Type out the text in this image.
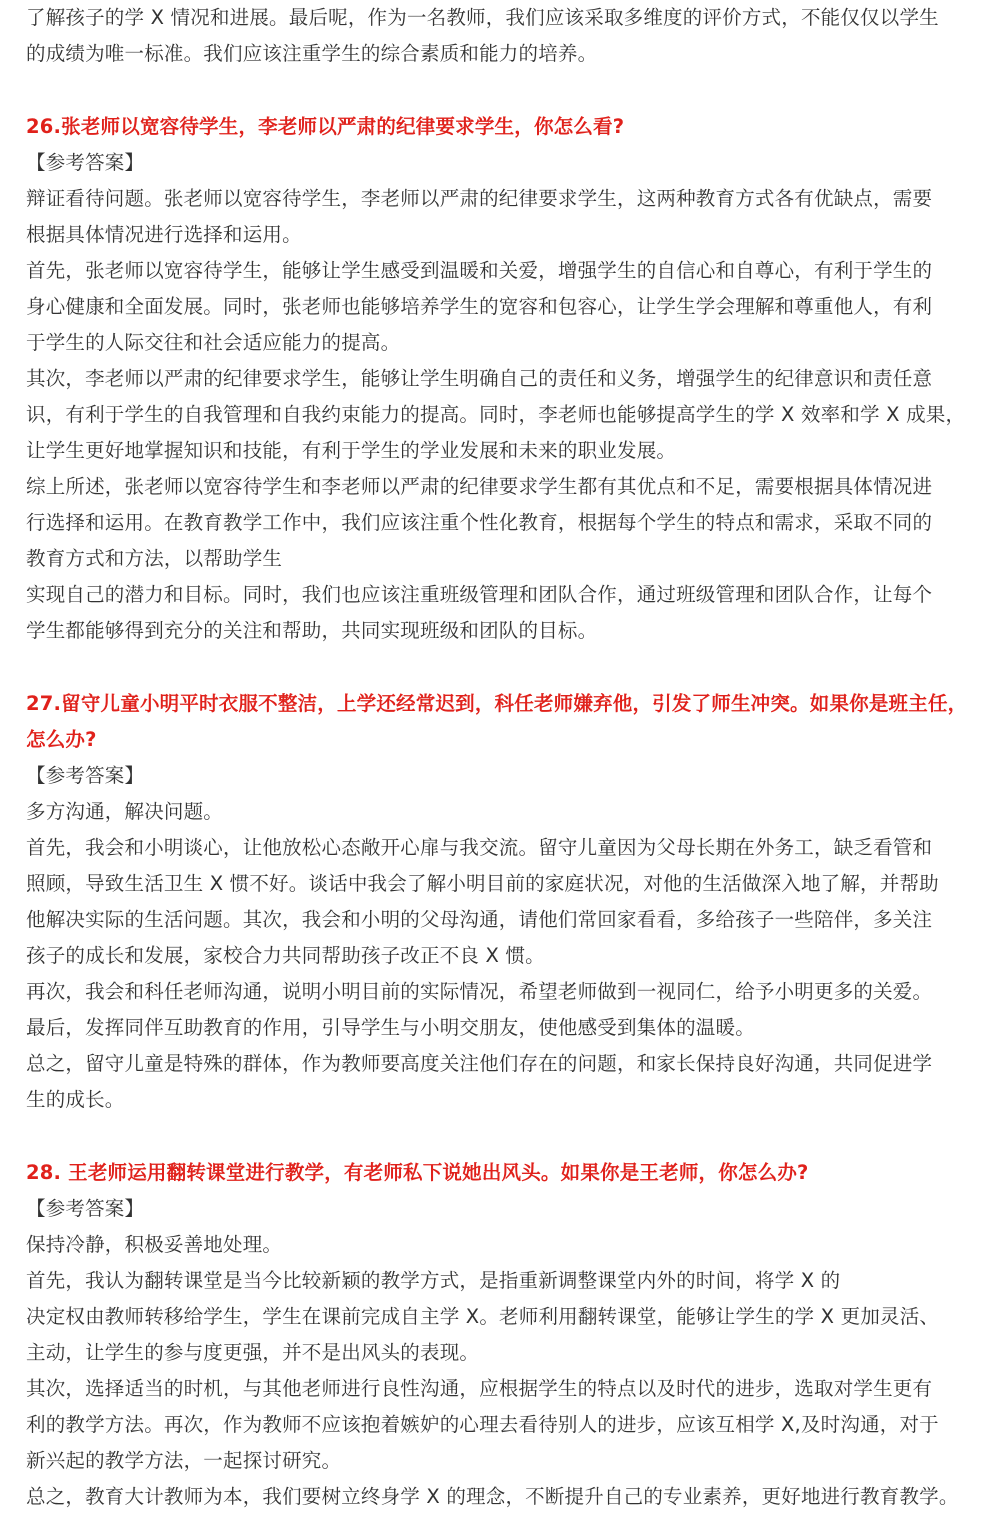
了解孩子的学 X 情况和进展。最后呢，作为一名教师，我们应该采取多维度的评价方式，不能仅仅以学生
的成绩为唯一标准。我们应该注重学生的综合素质和能力的培养。
26.张老师以宽容待学生，李老师以严肃的纪律要求学生，你怎么看?
【参考答案】
辩证看待问题。张老师以宽容待学生，李老师以严肃的纪律要求学生，这两种教育方式各有优缺点，需要
根据具体情况进行选择和运用。
首先，张老师以宽容待学生，能够让学生感受到温暖和关爱，增强学生的自信心和自尊心，有利于学生的
身心健康和全面发展。同时，张老师也能够培养学生的宽容和包容心，让学生学会理解和尊重他人，有利
于学生的人际交往和社会适应能力的提高。
其次，李老师以严肃的纪律要求学生，能够让学生明确自己的责任和义务，增强学生的纪律意识和责任意
识，有利于学生的自我管理和自我约束能力的提高。同时，李老师也能够提高学生的学 X 效率和学 X 成果，
让学生更好地掌握知识和技能，有利于学生的学业发展和未来的职业发展。
综上所述，张老师以宽容待学生和李老师以严肃的纪律要求学生都有其优点和不足，需要根据具体情况进
行选择和运用。在教育教学工作中，我们应该注重个性化教育，根据每个学生的特点和需求，采取不同的
教育方式和方法，以帮助学生
实现自己的潜力和目标。同时，我们也应该注重班级管理和团队合作，通过班级管理和团队合作，让每个
学生都能够得到充分的关注和帮助，共同实现班级和团队的目标。
27.留守儿童小明平时衣服不整洁，上学还经常迟到，科任老师嫌弃他，引发了师生冲突。如果你是班主任，
怎么办?
【参考答案】
多方沟通，解决问题。
首先，我会和小明谈心，让他放松心态敞开心扉与我交流。留守儿童因为父母长期在外务工，缺乏看管和
照顾，导致生活卫生 X 惯不好。谈话中我会了解小明目前的家庭状况，对他的生活做深入地了解，并帮助
他解决实际的生活问题。其次，我会和小明的父母沟通，请他们常回家看看，多给孩子一些陪伴，多关注
孩子的成长和发展，家校合力共同帮助孩子改正不良 X 惯。
再次，我会和科任老师沟通，说明小明目前的实际情况，希望老师做到一视同仁，给予小明更多的关爱。
最后，发挥同伴互助教育的作用，引导学生与小明交朋友，使他感受到集体的温暖。
总之，留守儿童是特殊的群体，作为教师要高度关注他们存在的问题，和家长保持良好沟通，共同促进学
生的成长。
28. 王老师运用翻转课堂进行教学，有老师私下说她出风头。如果你是王老师，你怎么办?
【参考答案】
保持冷静，积极妥善地处理。
首先，我认为翻转课堂是当今比较新颖的教学方式，是指重新调整课堂内外的时间，将学 X 的
决定权由教师转移给学生，学生在课前完成自主学 X。老师利用翻转课堂，能够让学生的学 X 更加灵活、
主动，让学生的参与度更强，并不是出风头的表现。
其次，选择适当的时机，与其他老师进行良性沟通，应根据学生的特点以及时代的进步，选取对学生更有
利的教学方法。再次，作为教师不应该抱着嫉妒的心理去看待别人的进步，应该互相学 X,及时沟通，对于
新兴起的教学方法，一起探讨研究。
总之，教育大计教师为本，我们要树立终身学 X 的理念，不断提升自己的专业素养，更好地进行教育教学。
